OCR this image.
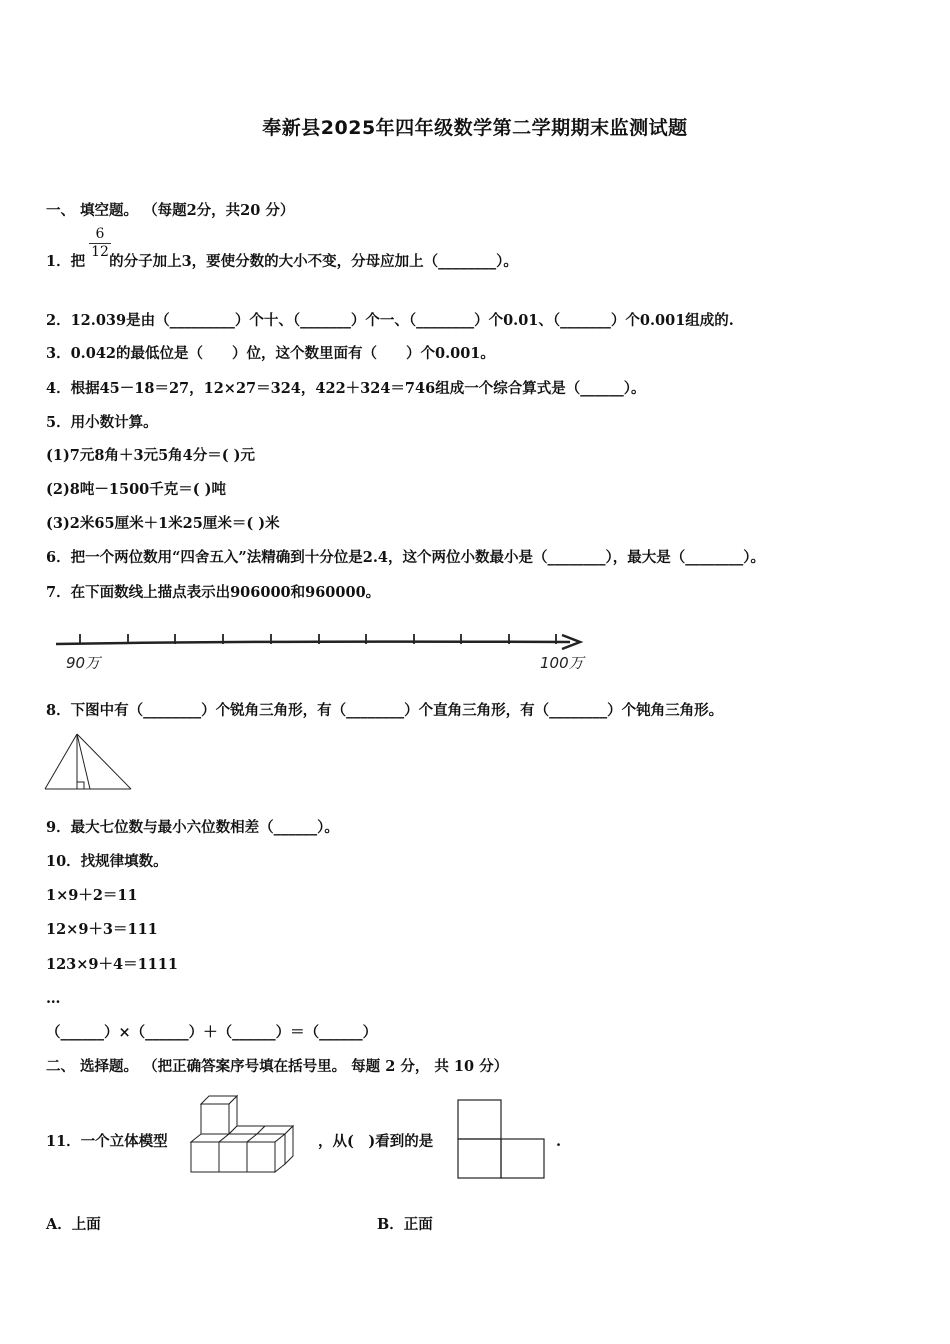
奉新县2025年四年级数学第二学期期末监测试题
一、 填空题。 （每题2分，共20 分）
1．把 的分子加上3，要使分数的大小不变，分母应加上（________）。
$\frac{6}{12}$
2．12.039是由（_________）个十、（_______）个一、（________）个0.01、（_______）个0.001组成的.
3．0.042的最低位是（　　）位，这个数里面有（　　）个0.001。
4．根据45－18＝27，12×27＝324，422＋324＝746组成一个综合算式是（______）。
5．用小数计算。
(1)7元8角＋3元5角4分＝( )元
(2)8吨－1500千克＝( )吨
(3)2米65厘米＋1米25厘米＝( )米
6．把一个两位数用“四舍五入”法精确到十分位是2.4，这个两位小数最小是（________），最大是（________）。
7．在下面数线上描点表示出906000和960000。
90万	100万
8．下图中有（________）个锐角三角形，有（________）个直角三角形，有（________）个钝角三角形。
9．最大七位数与最小六位数相差（______）。
10．找规律填数。
1×9＋2＝11
12×9＋3＝111
123×9＋4＝1111
…
（______）×（______）＋（______）＝（______）
二、 选择题。 （把正确答案序号填在括号里。 每题 2 分， 共 10 分）
11．一个立体模型	，从(　)看到的是	.
A．上面	B．正面
